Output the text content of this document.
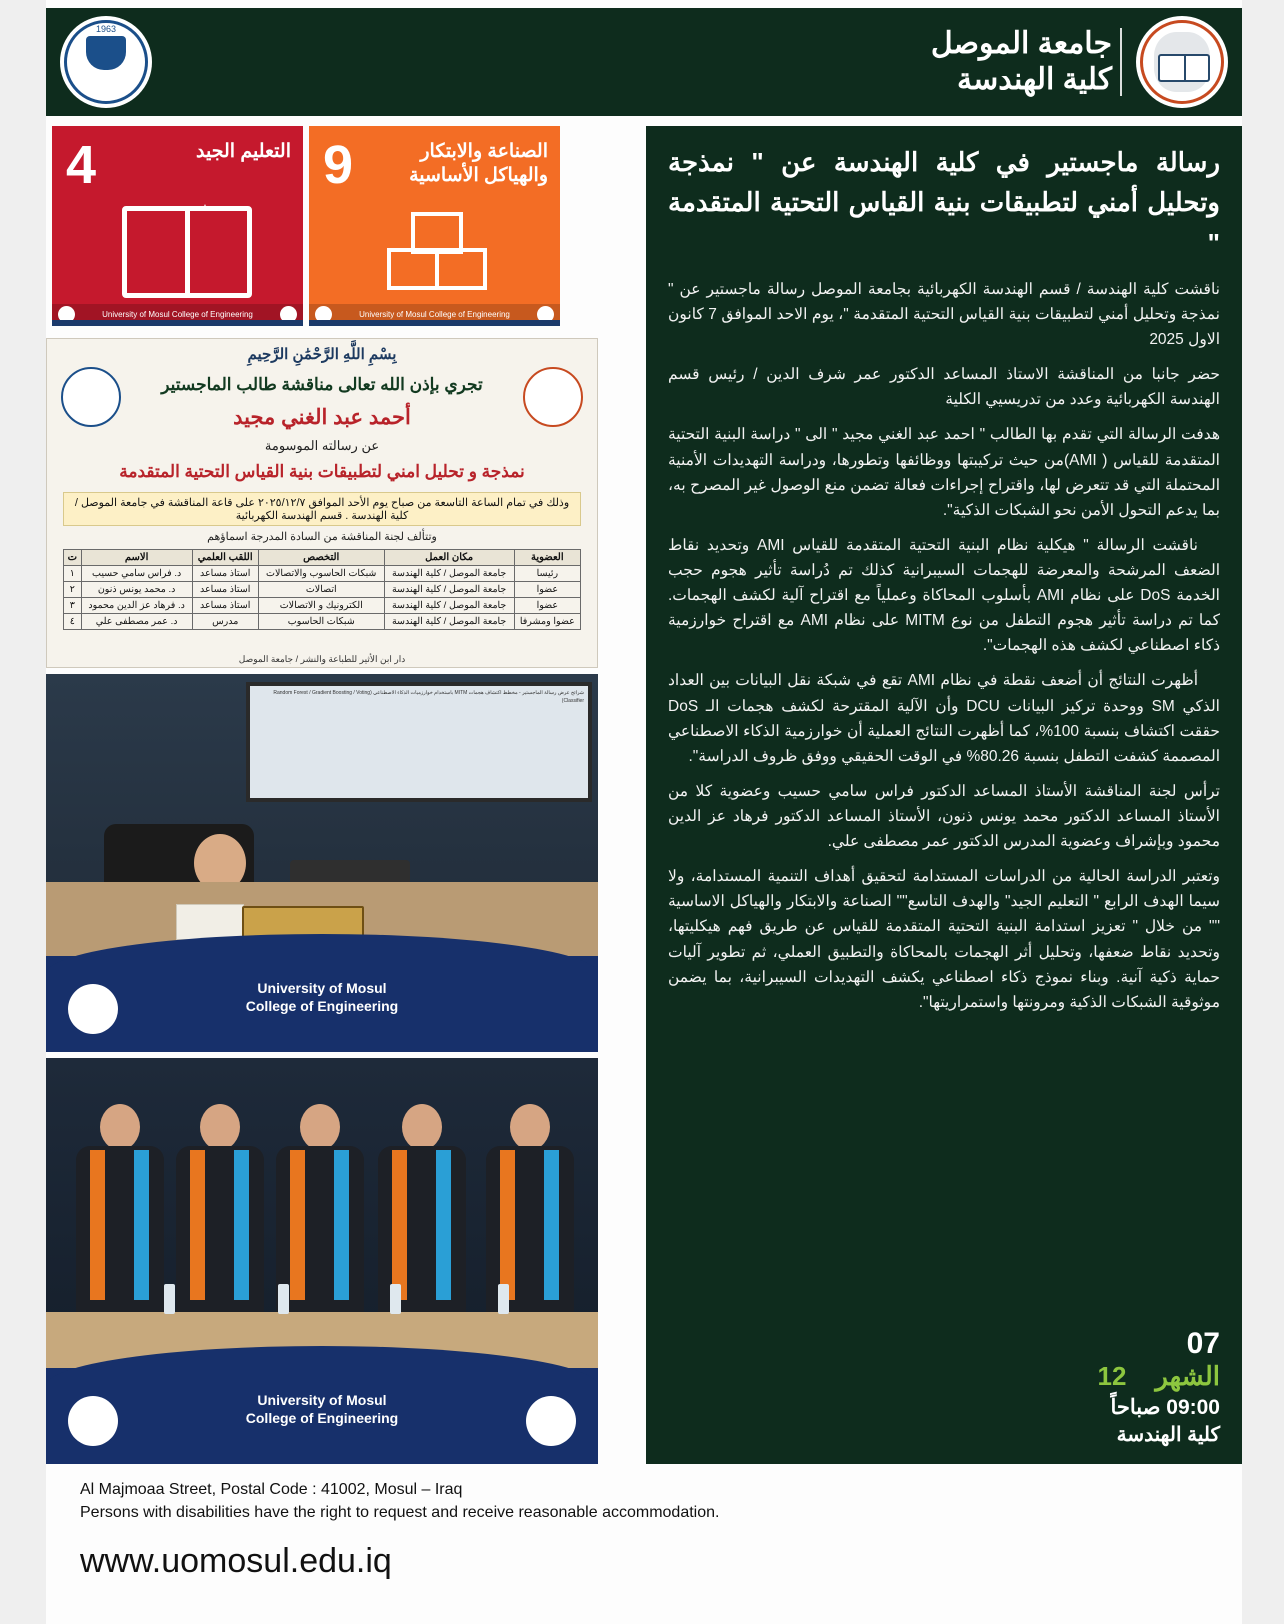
جامعة الموصل
كلية الهندسة
1963
رسالة ماجستير في كلية الهندسة عن " نمذجة وتحليل أمني لتطبيقات بنية القياس التحتية المتقدمة "

ناقشت كلية الهندسة / قسم الهندسة الكهربائية بجامعة الموصل رسالة ماجستير عن " نمذجة وتحليل أمني لتطبيقات بنية القياس التحتية المتقدمة "، يوم الاحد الموافق 7 كانون الاول 2025

حضر جانبا من المناقشة الاستاذ المساعد الدكتور عمر شرف الدين / رئيس قسم الهندسة الكهربائية وعدد من تدريسيي الكلية

هدفت الرسالة التي تقدم بها الطالب " احمد عبد الغني مجيد " الى " دراسة البنية التحتية المتقدمة للقياس ( AMI)من حيث تركيبتها ووظائفها وتطورها، ودراسة التهديدات الأمنية المحتملة التي قد تتعرض لها، واقتراح إجراءات فعالة تضمن منع الوصول غير المصرح به، بما يدعم التحول الأمن نحو الشبكات الذكية".

ناقشت الرسالة " هيكلية نظام البنية التحتية المتقدمة للقياس AMI وتحديد نقاط الضعف المرشحة والمعرضة للهجمات السيبرانية كذلك تم دُراسة تأثير هجوم حجب الخدمة DoS على نظام AMI بأسلوب المحاكاة وعملياً مع اقتراح آلية لكشف الهجمات. كما تم دراسة تأثير هجوم التطفل من نوع MITM على نظام AMI مع اقتراح خوارزمية ذكاء اصطناعي لكشف هذه الهجمات".

أظهرت النتائج أن أضعف نقطة في نظام AMI تقع في شبكة نقل البيانات بين العداد الذكي SM ووحدة تركيز البيانات DCU وأن الآلية المقترحة لكشف هجمات الـ DoS حققت اكتشاف بنسبة 100%، كما أظهرت النتائج العملية أن خوارزمية الذكاء الاصطناعي المصممة كشفت التطفل بنسبة 80.26% في الوقت الحقيقي ووفق ظروف الدراسة".

ترأس لجنة المناقشة الأستاذ المساعد الدكتور فراس سامي حسيب وعضوية كلا من الأستاذ المساعد الدكتور محمد يونس ذنون، الأستاذ المساعد الدكتور فرهاد عز الدين محمود وبإشراف وعضوية المدرس الدكتور عمر مصطفى علي.

وتعتبر الدراسة الحالية من الدراسات المستدامة لتحقيق أهداف التنمية المستدامة، ولا سيما الهدف الرابع " التعليم الجيد" والهدف التاسع"" الصناعة والابتكار والهياكل الاساسية "" من خلال " تعزيز استدامة البنية التحتية المتقدمة للقياس عن طريق فهم هيكليتها، وتحديد نقاط ضعفها، وتحليل أثر الهجمات بالمحاكاة والتطبيق العملي، ثم تطوير آليات حماية ذكية آنية. وبناء نموذج ذكاء اصطناعي يكشف التهديدات السيبرانية، بما يضمن موثوقية الشبكات الذكية ومرونتها واستمراريتها".

07
الشهر    12
09:00 صباحاً
كلية الهندسة
9	الصناعة والابتكار والهياكل الأساسية
University of Mosul College of Engineering
4	التعليم الجيد
University of Mosul College of Engineering
بِسْمِ اللَّهِ الرَّحْمَٰنِ الرَّحِيمِ
تجري بإذن الله تعالى مناقشة طالب الماجستير
أحمد عبد الغني مجيد
عن رسالته الموسومة
نمذجة و تحليل امني لتطبيقات بنية القياس التحتية المتقدمة
وذلك في تمام الساعة التاسعة من صباح يوم الأحد الموافق ٢٠٢٥/١٢/٧ على قاعة المناقشة في جامعة الموصل / كلية الهندسة . قسم الهندسة الكهربائية
وتتألف لجنة المناقشة من السادة المدرجة اسماؤهم
العضوية	مكان العمل	التخصص	اللقب العلمي	الاسم	ت
رئيسا	جامعة الموصل / كلية الهندسة	شبكات الحاسوب والاتصالات	استاذ مساعد	د. فراس سامي حسيب	١
عضوا	جامعة الموصل / كلية الهندسة	اتصالات	استاذ مساعد	د. محمد يونس ذنون	٢
عضوا	جامعة الموصل / كلية الهندسة	الكترونيك و الاتصالات	استاذ مساعد	د. فرهاد عز الدين محمود	٣
عضوا ومشرفا	جامعة الموصل / كلية الهندسة	شبكات الحاسوب	مدرس	د. عمر مصطفى علي	٤
دار ابن الأثير للطباعة والنشر / جامعة الموصل
شرائح عرض رسالة الماجستير - مخطط اكتشاف هجمات MITM باستخدام خوارزميات الذكاء الاصطناعي (Random Forest / Gradient Boosting / Voting Classifier)
University of Mosul
College of Engineering
University of Mosul
College of Engineering
Al Majmoaa Street, Postal Code : 41002, Mosul – Iraq
Persons with disabilities have the right to request and receive reasonable accommodation.
www.uomosul.edu.iq
